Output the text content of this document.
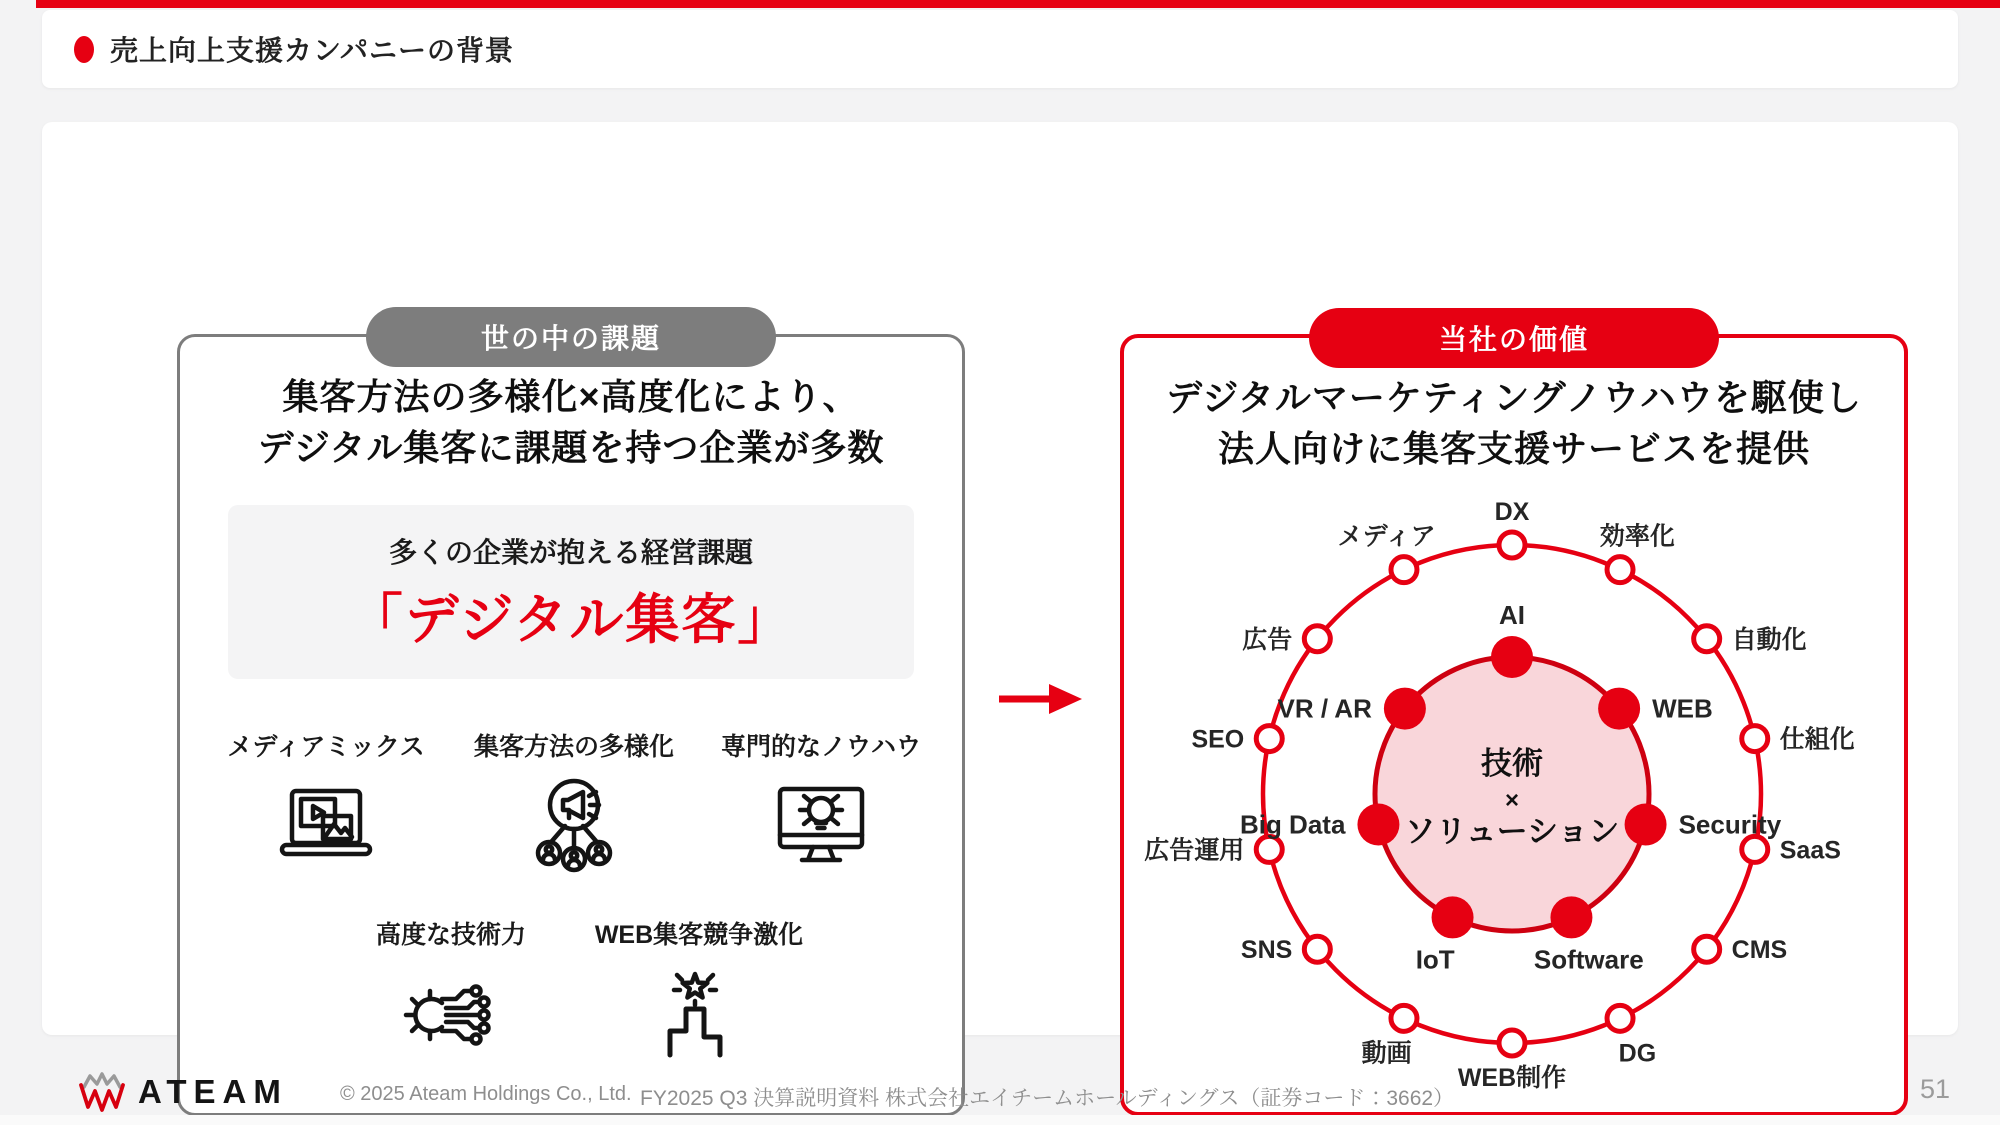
売上向上支援カンパニーの背景
世の中の課題
集客方法の多様化×高度化により、
デジタル集客に課題を持つ企業が多数
多くの企業が抱える経営課題
「デジタル集客」
メディアミックス	集客方法の多様化	専門的なノウハウ
高度な技術力	WEB集客競争激化
当社の価値
デジタルマーケティングノウハウを駆使し
法人向けに集客支援サービスを提供
DX
効率化
自動化
仕組化
SaaS
CMS
DG
WEB制作
動画
SNS
広告運用
SEO
広告
メディア
AI
WEB
Security
Software
IoT
Big Data
VR / AR
技術
×
ソリューション
ATEAM	© 2025 Ateam Holdings Co., Ltd. FY2025 Q3 決算説明資料 株式会社エイチームホールディングス（証券コード：3662）	51
